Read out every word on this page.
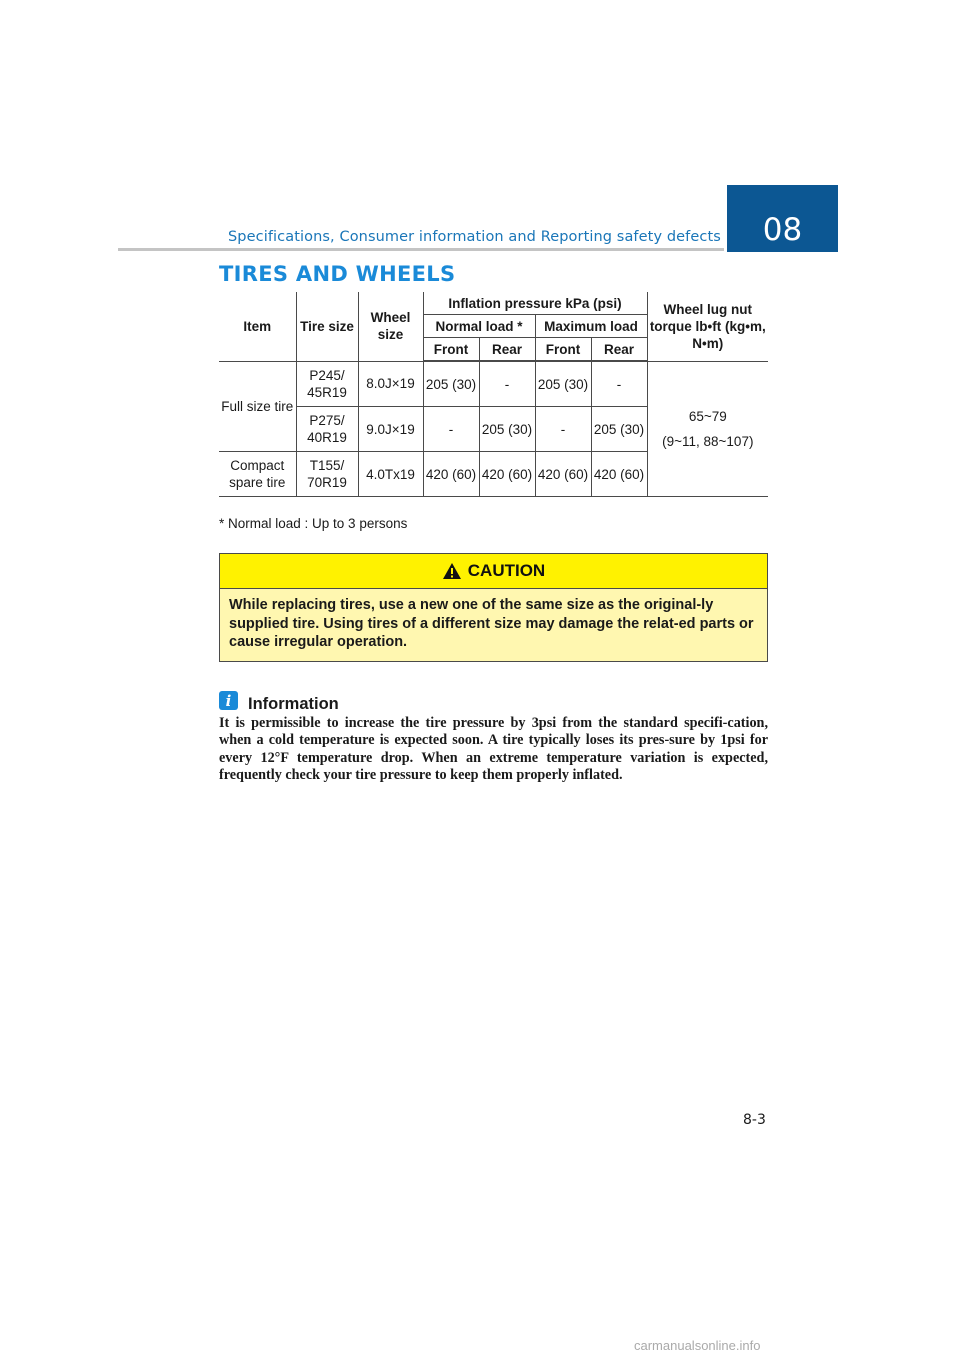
Specifications, Consumer information and Reporting safety defects 08
TIRES AND WHEELS
Item	Tire size	Wheel size	Inflation pressure kPa (psi)				Wheel lug nut torque lb•ft (kg•m, N•m)
			Normal load *		Maximum load		
			Front	Rear	Front	Rear	
Full size tire	P245/ 45R19	8.0J×19	205 (30)	-	205 (30)	-	65~79
(9~11, 88~107)

	P275/ 40R19	9.0J×19	-	205 (30)	-	205 (30)	
Compact spare tire	T155/ 70R19	4.0Tx19	420 (60)	420 (60)	420 (60)	420 (60)	
* Normal load : Up to 3 persons
CAUTION
While replacing tires, use a new one of the same size as the original-ly supplied tire. Using tires of a different size may damage the relat-ed parts or cause irregular operation.
i	Information
It is permissible to increase the tire pressure by 3psi from the standard specifi-cation, when a cold temperature is expected soon. A tire typically loses its pres-sure by 1psi for every 12°F temperature drop. When an extreme temperature variation is expected, frequently check your tire pressure to keep them properly inflated.
8-3
carmanualsonline.info
